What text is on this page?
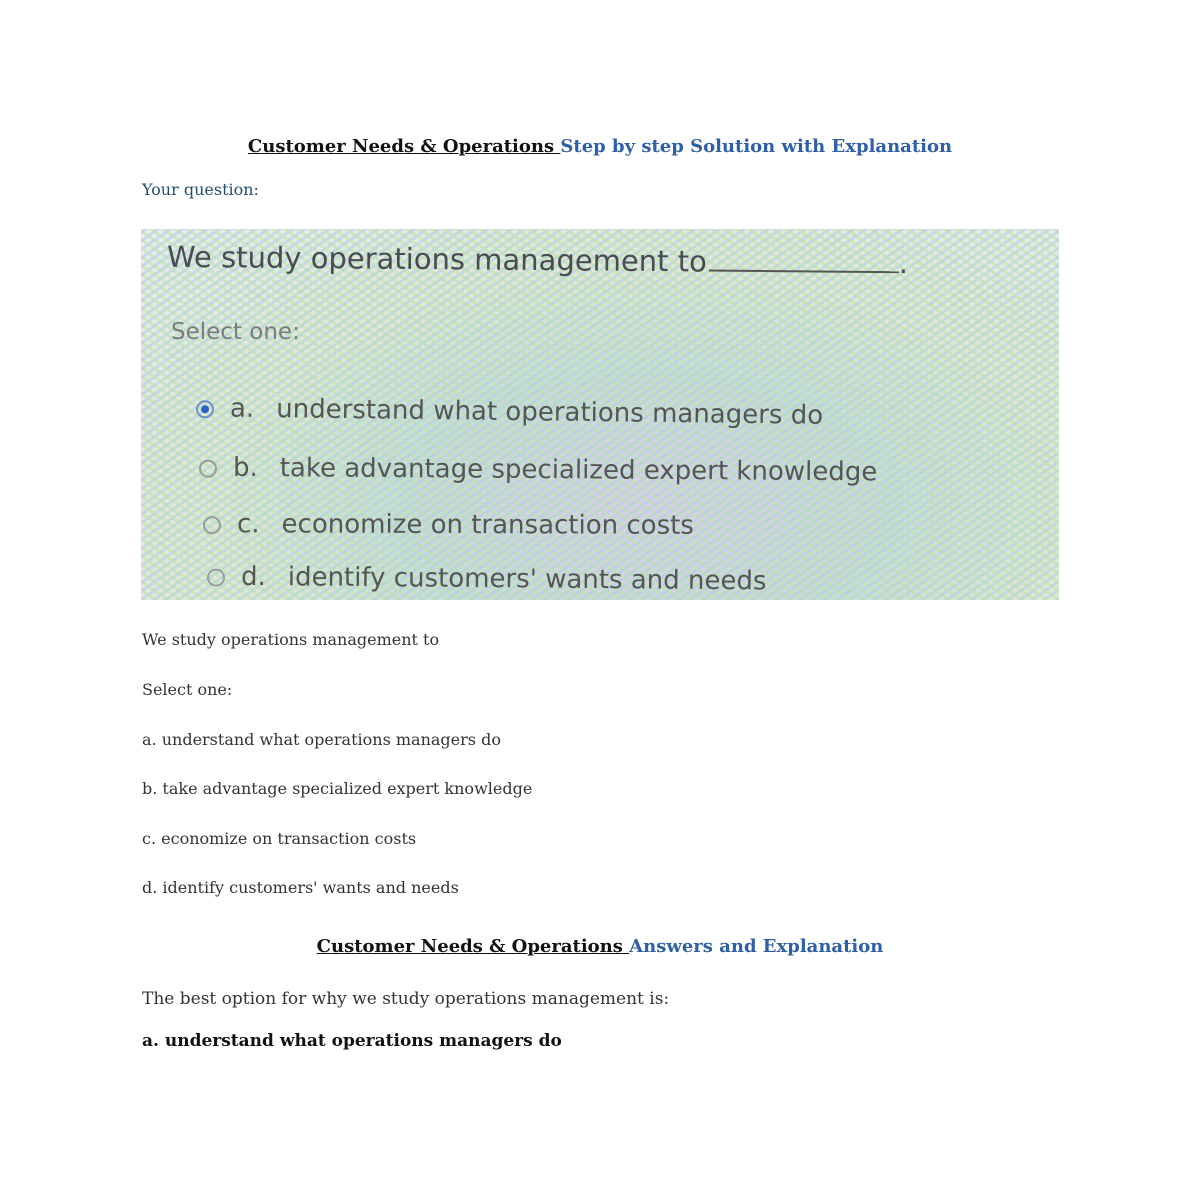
Customer Needs & Operations Step by step Solution with Explanation
Your question:
We study operations management to	.
Select one:
a. understand what operations managers do
b. take advantage specialized expert knowledge
c. economize on transaction costs
d. identify customers' wants and needs
We study operations management to
Select one:
a. understand what operations managers do
b. take advantage specialized expert knowledge
c. economize on transaction costs
d. identify customers' wants and needs
Customer Needs & Operations Answers and Explanation
The best option for why we study operations management is:
a. understand what operations managers do
